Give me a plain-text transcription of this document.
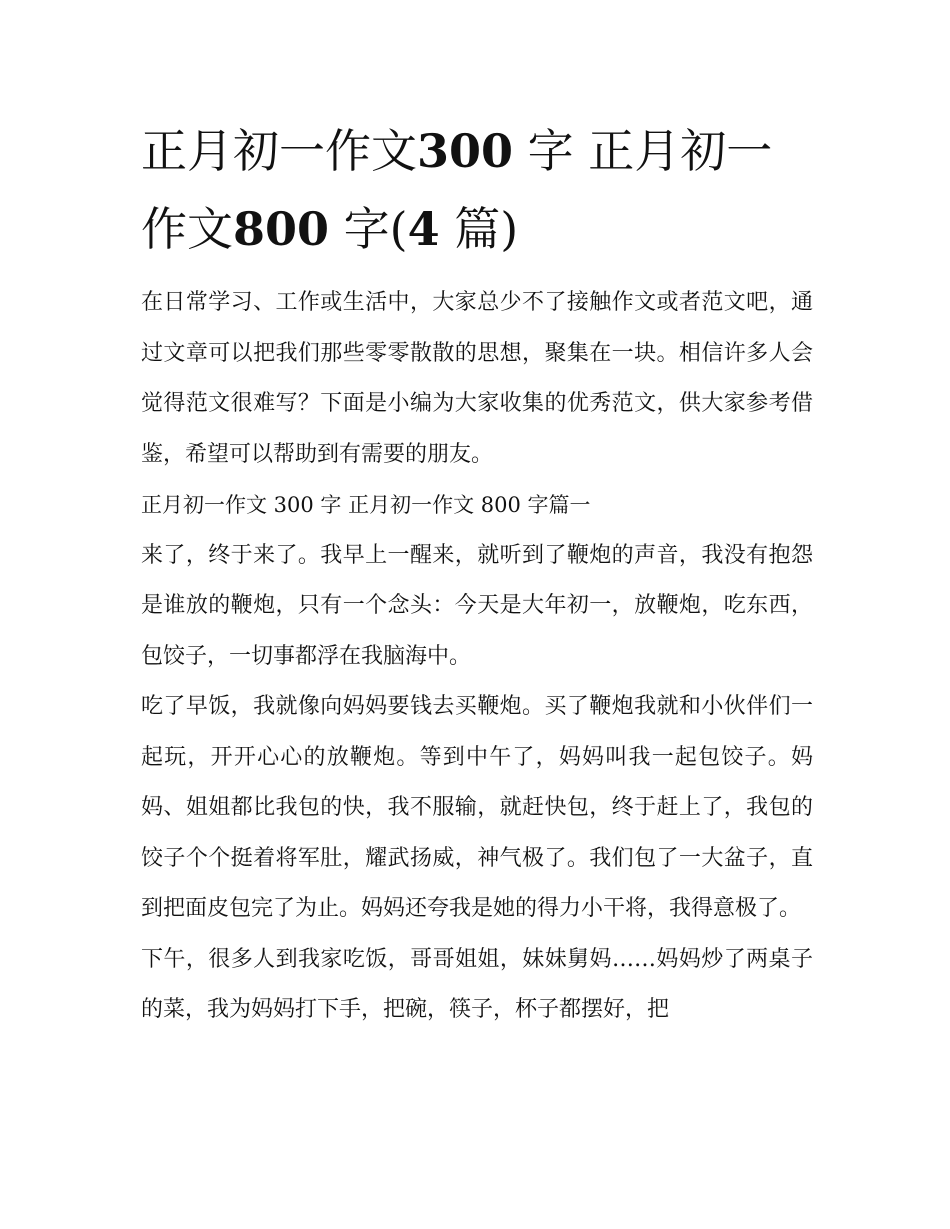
正月初一作文300 字 正月初一作文800 字(4 篇)

在日常学习、工作或生活中，大家总少不了接触作文或者范文吧，通过文章可以把我们那些零零散散的思想，聚集在一块。相信许多人会觉得范文很难写？下面是小编为大家收集的优秀范文，供大家参考借鉴，希望可以帮助到有需要的朋友。

正月初一作文 300 字 正月初一作文 800 字篇一

来了，终于来了。我早上一醒来，就听到了鞭炮的声音，我没有抱怨是谁放的鞭炮，只有一个念头：今天是大年初一，放鞭炮，吃东西，包饺子，一切事都浮在我脑海中。

吃了早饭，我就像向妈妈要钱去买鞭炮。买了鞭炮我就和小伙伴们一起玩，开开心心的放鞭炮。等到中午了，妈妈叫我一起包饺子。妈妈、姐姐都比我包的快，我不服输，就赶快包，终于赶上了，我包的饺子个个挺着将军肚，耀武扬威，神气极了。我们包了一大盆子，直到把面皮包完了为止。妈妈还夸我是她的得力小干将，我得意极了。

下午，很多人到我家吃饭，哥哥姐姐，妹妹舅妈……妈妈炒了两桌子的菜，我为妈妈打下手，把碗，筷子，杯子都摆好，把
